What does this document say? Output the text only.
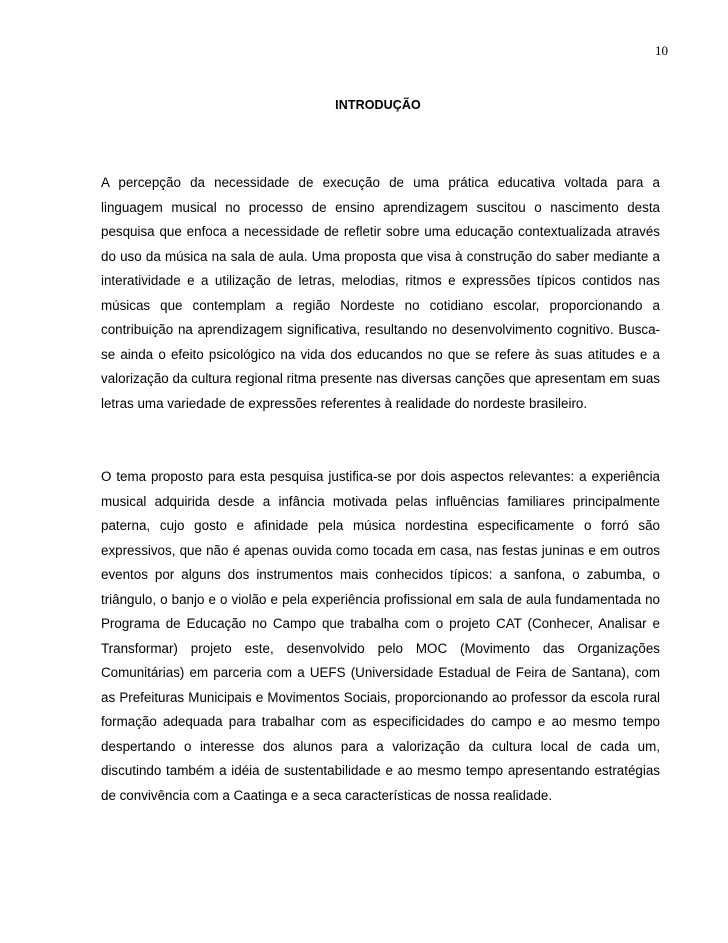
10
INTRODUÇÃO

A percepção da necessidade de execução de uma prática educativa voltada para a linguagem musical no processo de ensino aprendizagem suscitou o nascimento desta pesquisa que enfoca a necessidade de refletir sobre uma educação contextualizada através do uso da música na sala de aula. Uma proposta que visa à construção do saber mediante a interatividade e a utilização de letras, melodias, ritmos e expressões típicos contidos nas músicas que contemplam a região Nordeste no cotidiano escolar, proporcionando a contribuição na aprendizagem significativa, resultando no desenvolvimento cognitivo. Busca-se ainda o efeito psicológico na vida dos educandos no que se refere às suas atitudes e a valorização da cultura regional ritma presente nas diversas canções que apresentam em suas letras uma variedade de expressões referentes à realidade do nordeste brasileiro.

O tema proposto para esta pesquisa justifica-se por dois aspectos relevantes: a experiência musical adquirida desde a infância motivada pelas influências familiares principalmente paterna, cujo gosto e afinidade pela música nordestina especificamente o forró são expressivos, que não é apenas ouvida como tocada em casa, nas festas juninas e em outros eventos por alguns dos instrumentos mais conhecidos típicos: a sanfona, o zabumba, o triângulo, o banjo e o violão e pela experiência profissional em sala de aula fundamentada no Programa de Educação no Campo que trabalha com o projeto CAT (Conhecer, Analisar e Transformar) projeto este, desenvolvido pelo MOC (Movimento das Organizações Comunitárias) em parceria com a UEFS (Universidade Estadual de Feira de Santana), com as Prefeituras Municipais e Movimentos Sociais, proporcionando ao professor da escola rural formação adequada para trabalhar com as especificidades do campo e ao mesmo tempo despertando o interesse dos alunos para a valorização da cultura local de cada um, discutindo também a idéia de sustentabilidade e ao mesmo tempo apresentando estratégias de convivência com a Caatinga e a seca características de nossa realidade.
